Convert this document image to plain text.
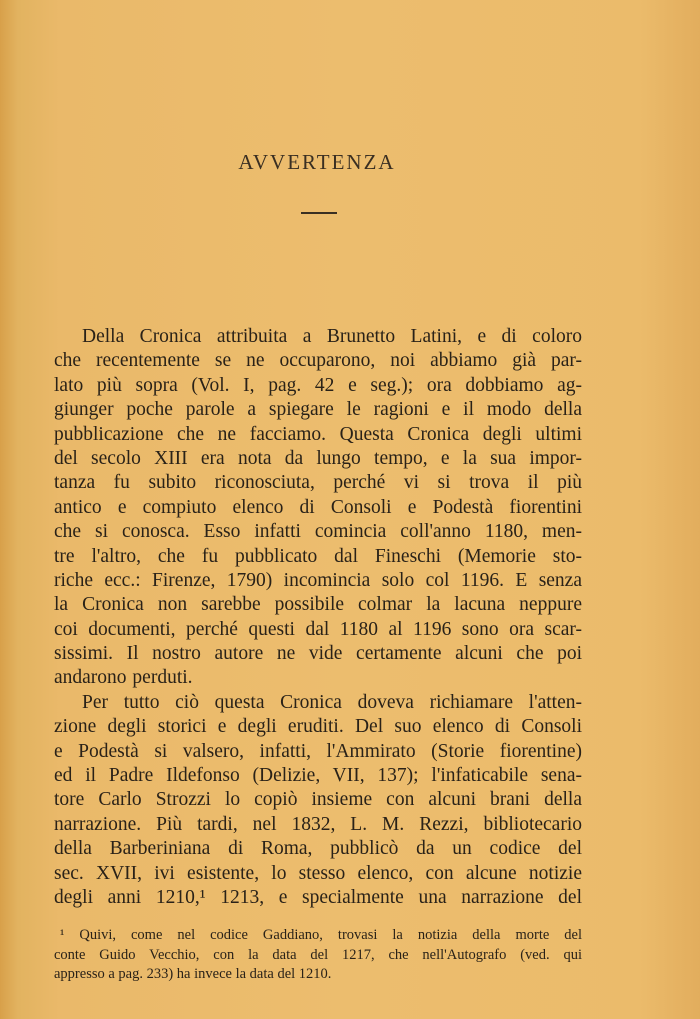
AVVERTENZA
Della Cronica attribuita a Brunetto Latini, e di coloro
che recentemente se ne occuparono, noi abbiamo già par-
lato più sopra (Vol. I, pag. 42 e seg.); ora dobbiamo ag-
giunger poche parole a spiegare le ragioni e il modo della
pubblicazione che ne facciamo. Questa Cronica degli ultimi
del secolo XIII era nota da lungo tempo, e la sua impor-
tanza fu subito riconosciuta, perché vi si trova il più
antico e compiuto elenco di Consoli e Podestà fiorentini
che si conosca. Esso infatti comincia coll'anno 1180, men-
tre l'altro, che fu pubblicato dal Fineschi (Memorie sto-
riche ecc.: Firenze, 1790) incomincia solo col 1196. E senza
la Cronica non sarebbe possibile colmar la lacuna neppure
coi documenti, perché questi dal 1180 al 1196 sono ora scar-
sissimi. Il nostro autore ne vide certamente alcuni che poi
andarono perduti.
Per tutto ciò questa Cronica doveva richiamare l'atten-
zione degli storici e degli eruditi. Del suo elenco di Consoli
e Podestà si valsero, infatti, l'Ammirato (Storie fiorentine)
ed il Padre Ildefonso (Delizie, VII, 137); l'infaticabile sena-
tore Carlo Strozzi lo copiò insieme con alcuni brani della
narrazione. Più tardi, nel 1832, L. M. Rezzi, bibliotecario
della Barberiniana di Roma, pubblicò da un codice del
sec. XVII, ivi esistente, lo stesso elenco, con alcune notizie
degli anni 1210,¹ 1213, e specialmente una narrazione del
¹ Quivi, come nel codice Gaddiano, trovasi la notizia della morte del
conte Guido Vecchio, con la data del 1217, che nell'Autografo (ved. qui
appresso a pag. 233) ha invece la data del 1210.
